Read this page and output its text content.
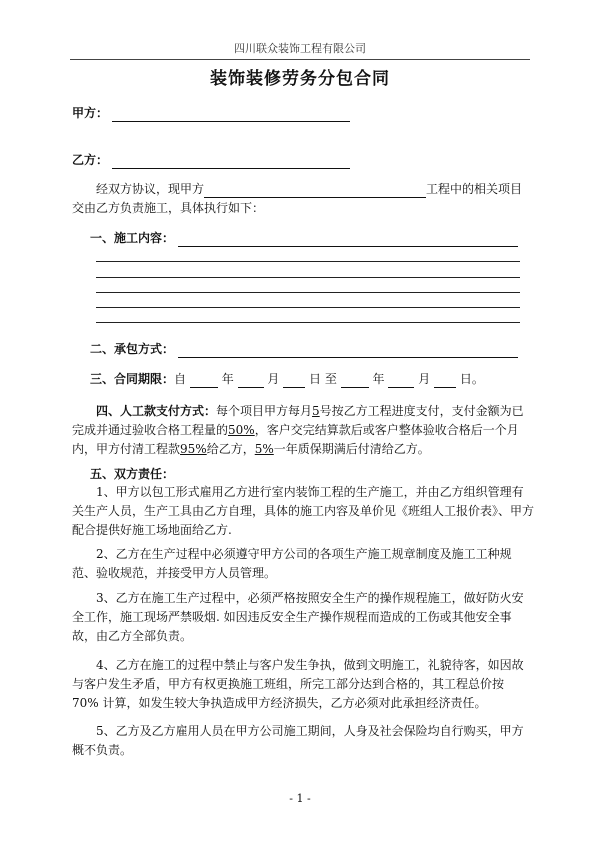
四川联众装饰工程有限公司
装饰装修劳务分包合同
甲方：
乙方：
经双方协议，现甲方	工程中的相关项目
交由乙方负责施工，具体执行如下：
一、施工内容：
二、承包方式：
三、合同期限：自	年	月 日 至	年	月 日。
四、人工款支付方式：每个项目甲方每月5号按乙方工程进度支付，支付金额为已完成并通过验收合格工程量的50%，客户交完结算款后或客户整体验收合格后一个月内，甲方付清工程款95%给乙方，5%一年质保期满后付清给乙方。
五、双方责任：
1、甲方以包工形式雇用乙方进行室内装饰工程的生产施工，并由乙方组织管理有关生产人员，生产工具由乙方自理，具体的施工内容及单价见《班组人工报价表》、甲方配合提供好施工场地面给乙方.
2、乙方在生产过程中必须遵守甲方公司的各项生产施工规章制度及施工工种规范、验收规范，并接受甲方人员管理。
3、乙方在施工生产过程中，必须严格按照安全生产的操作规程施工，做好防火安全工作，施工现场严禁吸烟. 如因违反安全生产操作规程而造成的工伤或其他安全事故，由乙方全部负责。
4、乙方在施工的过程中禁止与客户发生争执，做到文明施工，礼貌待客，如因故与客户发生矛盾，甲方有权更换施工班组，所完工部分达到合格的，其工程总价按 70% 计算，如发生较大争执造成甲方经济损失，乙方必须对此承担经济责任。
5、乙方及乙方雇用人员在甲方公司施工期间，人身及社会保险均自行购买，甲方概不负责。
- 1 -
